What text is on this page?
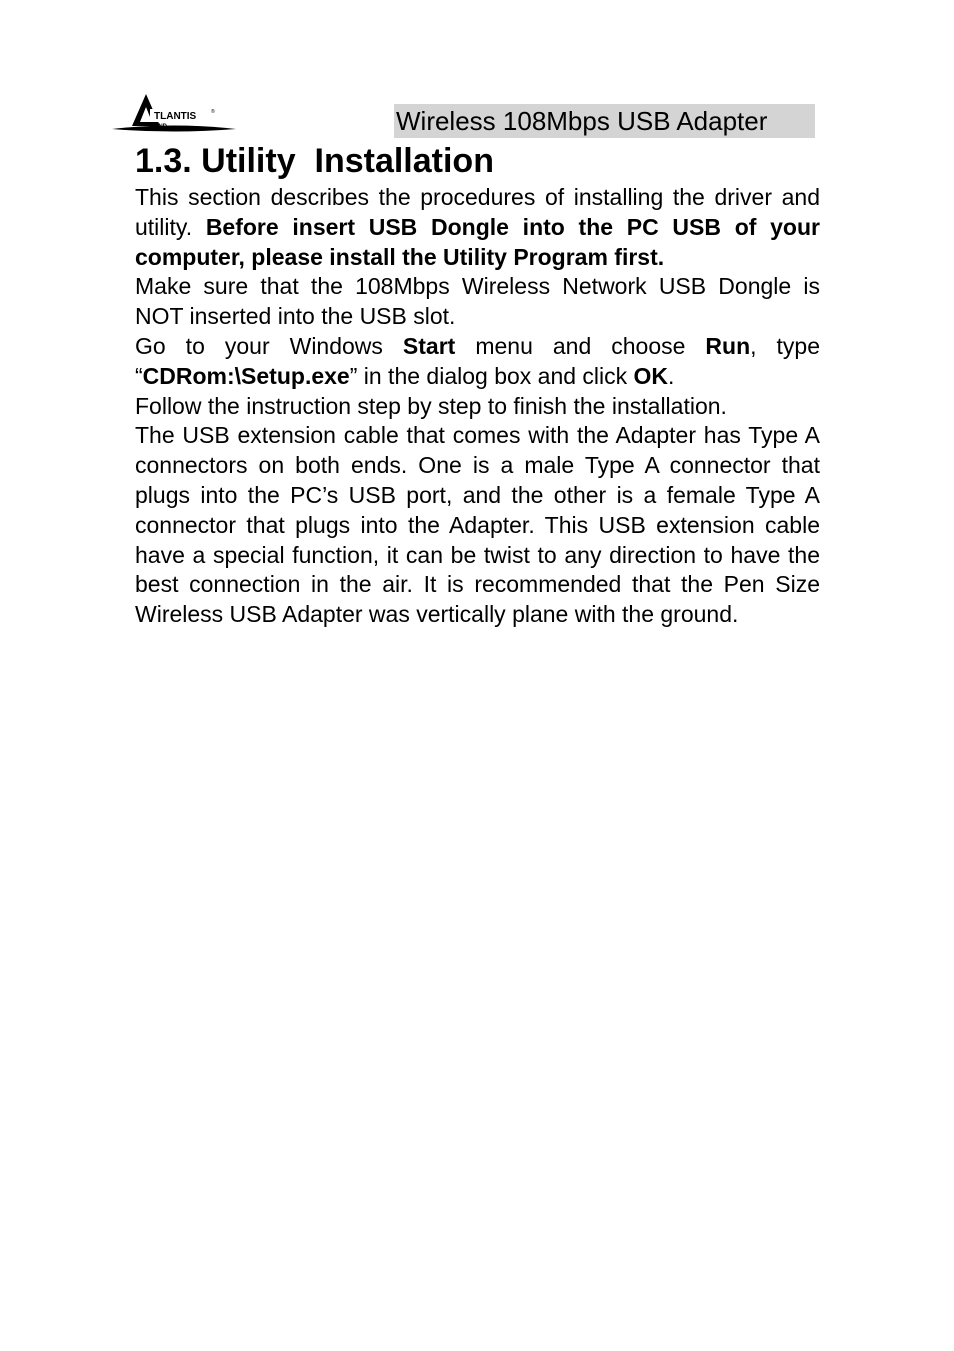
TLANTIS
AND
®	Wireless 108Mbps USB Adapter
1.3. Utility  Installation

This section describes the procedures of installing the driver and utility. Before insert USB Dongle into the PC USB of your computer, please install the Utility Program first.

Make sure that the 108Mbps Wireless Network USB Dongle is NOT inserted into the USB slot.

Go to your Windows Start menu and choose Run, type “CDRom:\Setup.exe” in the dialog box and click OK.

Follow the instruction step by step to finish the installation.

The USB extension cable that comes with the Adapter has Type A connectors on both ends. One is a male Type A connector that plugs into the PC’s USB port, and the other is a female Type A connector that plugs into the Adapter. This USB extension cable have a special function, it can be twist to any direction to have the best connection in the air. It is recommended that the Pen Size Wireless USB Adapter was vertically plane with the ground.
